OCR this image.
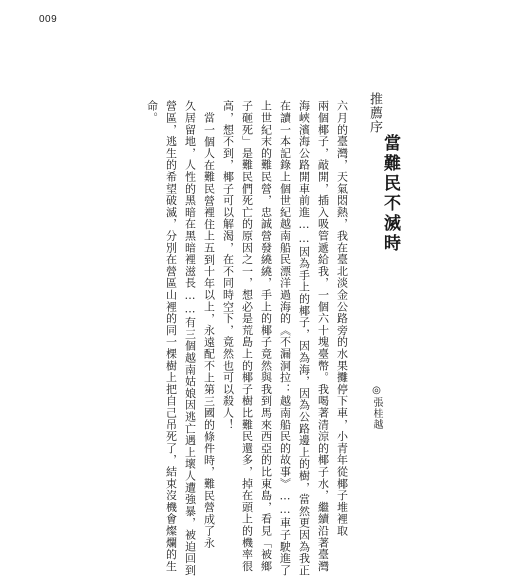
009
推薦序
當難民不滅時
◎張桂越
六月的臺灣，天氣悶熱，我在臺北淡金公路旁的水果攤停下車，小青年從椰子堆裡取
兩個椰子，敲開，插入吸管遞給我，一個六十塊臺幣。我喝著清涼的椰子水，繼續沿著臺灣
海峽濱海公路開車前進……因為手上的椰子，因為海，因為公路邊上的樹，當然更因為我正
在讀一本記錄上個世紀越南船民漂洋過海的《不漏洞拉：越南船民的故事》……車子駛進了
上世紀末的難民營，忠誠營發繞繞，手上的椰子竟然與我到馬來西亞的比東島，看見「被鄉
子砸死」是難民們死亡的原因之一，想必是荒島上的椰子樹比難民還多，掉在頭上的機率很
高，想不到，椰子可以解渴，在不同時空下，竟然也可以殺人！
當一個人在難民營裡住上五到十年以上，永遠配不上第三國的條件時，難民營成了永
久居留地，人性的黑暗在黑暗裡滋長……有三個越南姑娘因逃亡遇上壞人遭強暴，被迫回到
營區，逃生的希望破滅，分別在營區山裡的同一棵樹上把自己吊死了，結束沒機會燦爛的生
命。
